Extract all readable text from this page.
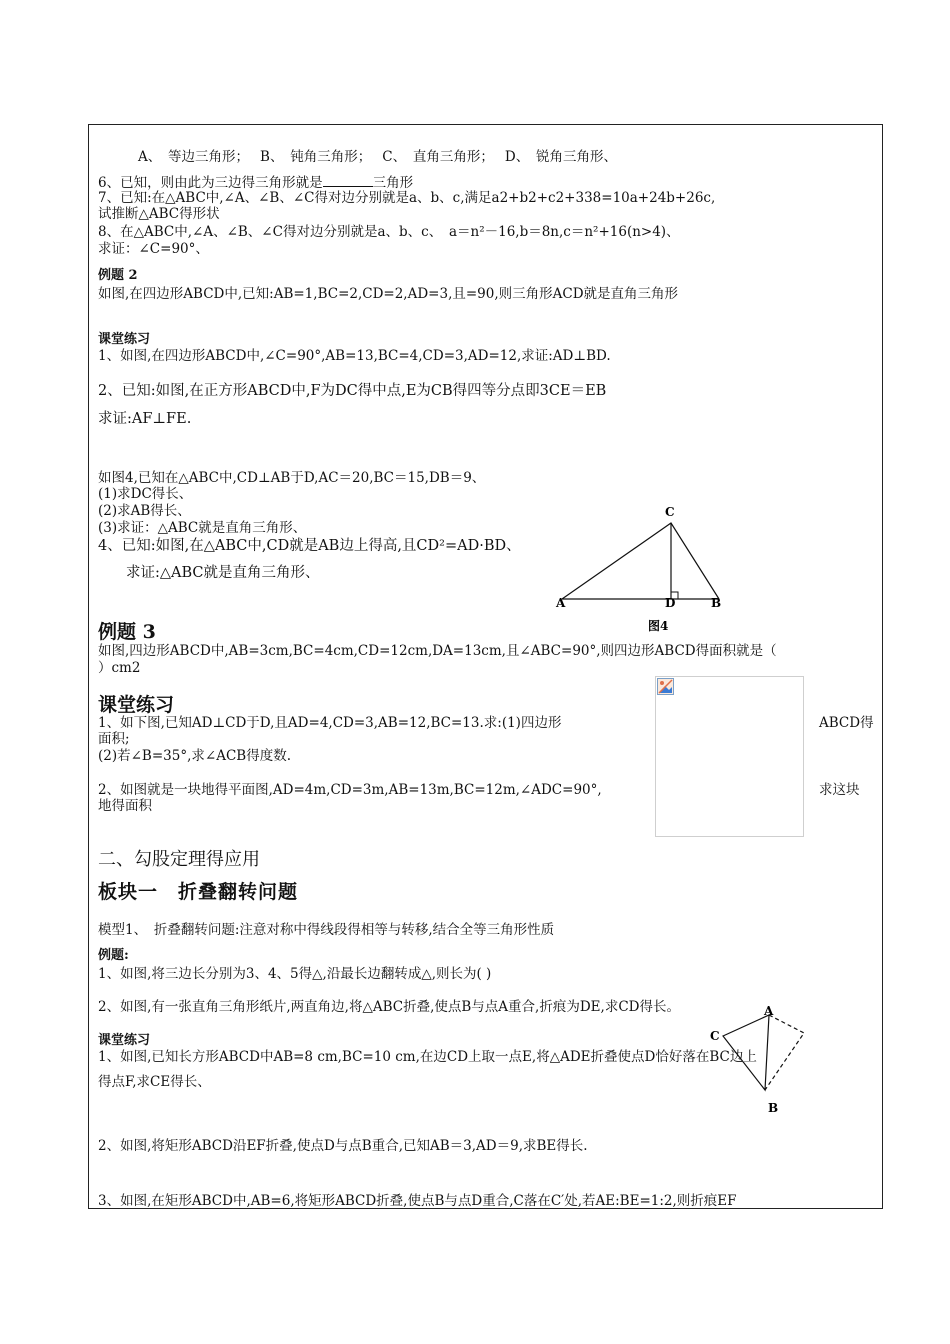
A、　等边三角形；　 B、　钝角三角形；　 C、　直角三角形；　 D、　锐角三角形、
6、已知，则由此为三边得三角形就是	三角形
7、已知:在△ABC中,∠A、∠B、∠C得对边分别就是a、b、c,满足a2+b2+c2+338=10a+24b+26c,
试推断△ABC得形状
8、在△ABC中,∠A、∠B、∠C得对边分别就是a、b、c、　a＝n²－16,b＝8n,c＝n²+16(n>4)、
求证：∠C=90°、
例题 2
如图,在四边形ABCD中,已知:AB=1,BC=2,CD=2,AD=3,且=90,则三角形ACD就是直角三角形
课堂练习
1、如图,在四边形ABCD中,∠C=90°,AB=13,BC=4,CD=3,AD=12,求证:AD⊥BD.
2、已知:如图,在正方形ABCD中,F为DC得中点,E为CB得四等分点即3CE＝EB
求证:AF⊥FE.
如图4,已知在△ABC中,CD⊥AB于D,AC＝20,BC＝15,DB＝9、
(1)求DC得长、
(2)求AB得长、
(3)求证：△ABC就是直角三角形、
4、已知:如图,在△ABC中,CD就是AB边上得高,且CD²=AD·BD、
求证:△ABC就是直角三角形、
C
A	D	B
图4
例题 3
如图,四边形ABCD中,AB=3cm,BC=4cm,CD=12cm,DA=13cm,且∠ABC=90°,则四边形ABCD得面积就是（
）cm2
课堂练习
1、如下图,已知AD⊥CD于D,且AD=4,CD=3,AB=12,BC=13.求:(1)四边形	ABCD得
面积;
(2)若∠B=35°,求∠ACB得度数.
2、如图就是一块地得平面图,AD=4m,CD=3m,AB=13m,BC=12m,∠ADC=90°,	求这块
地得面积
二、勾股定理得应用
板块一　折叠翻转问题
模型1、　折叠翻转问题:注意对称中得线段得相等与转移,结合全等三角形性质
例题:
1、如图,将三边长分别为3、4、5得△,沿最长边翻转成△,则长为( )
2、如图,有一张直角三角形纸片,两直角边,将△ABC折叠,使点B与点A重合,折痕为DE,求CD得长。	A
C
B
课堂练习
1、如图,已知长方形ABCD中AB=8 cm,BC=10 cm,在边CD上取一点E,将△ADE折叠使点D恰好落在BC边上
得点F,求CE得长、
2、如图,将矩形ABCD沿EF折叠,使点D与点B重合,已知AB＝3,AD＝9,求BE得长.
3、如图,在矩形ABCD中,AB=6,将矩形ABCD折叠,使点B与点D重合,C落在C′处,若AE:BE=1:2,则折痕EF
